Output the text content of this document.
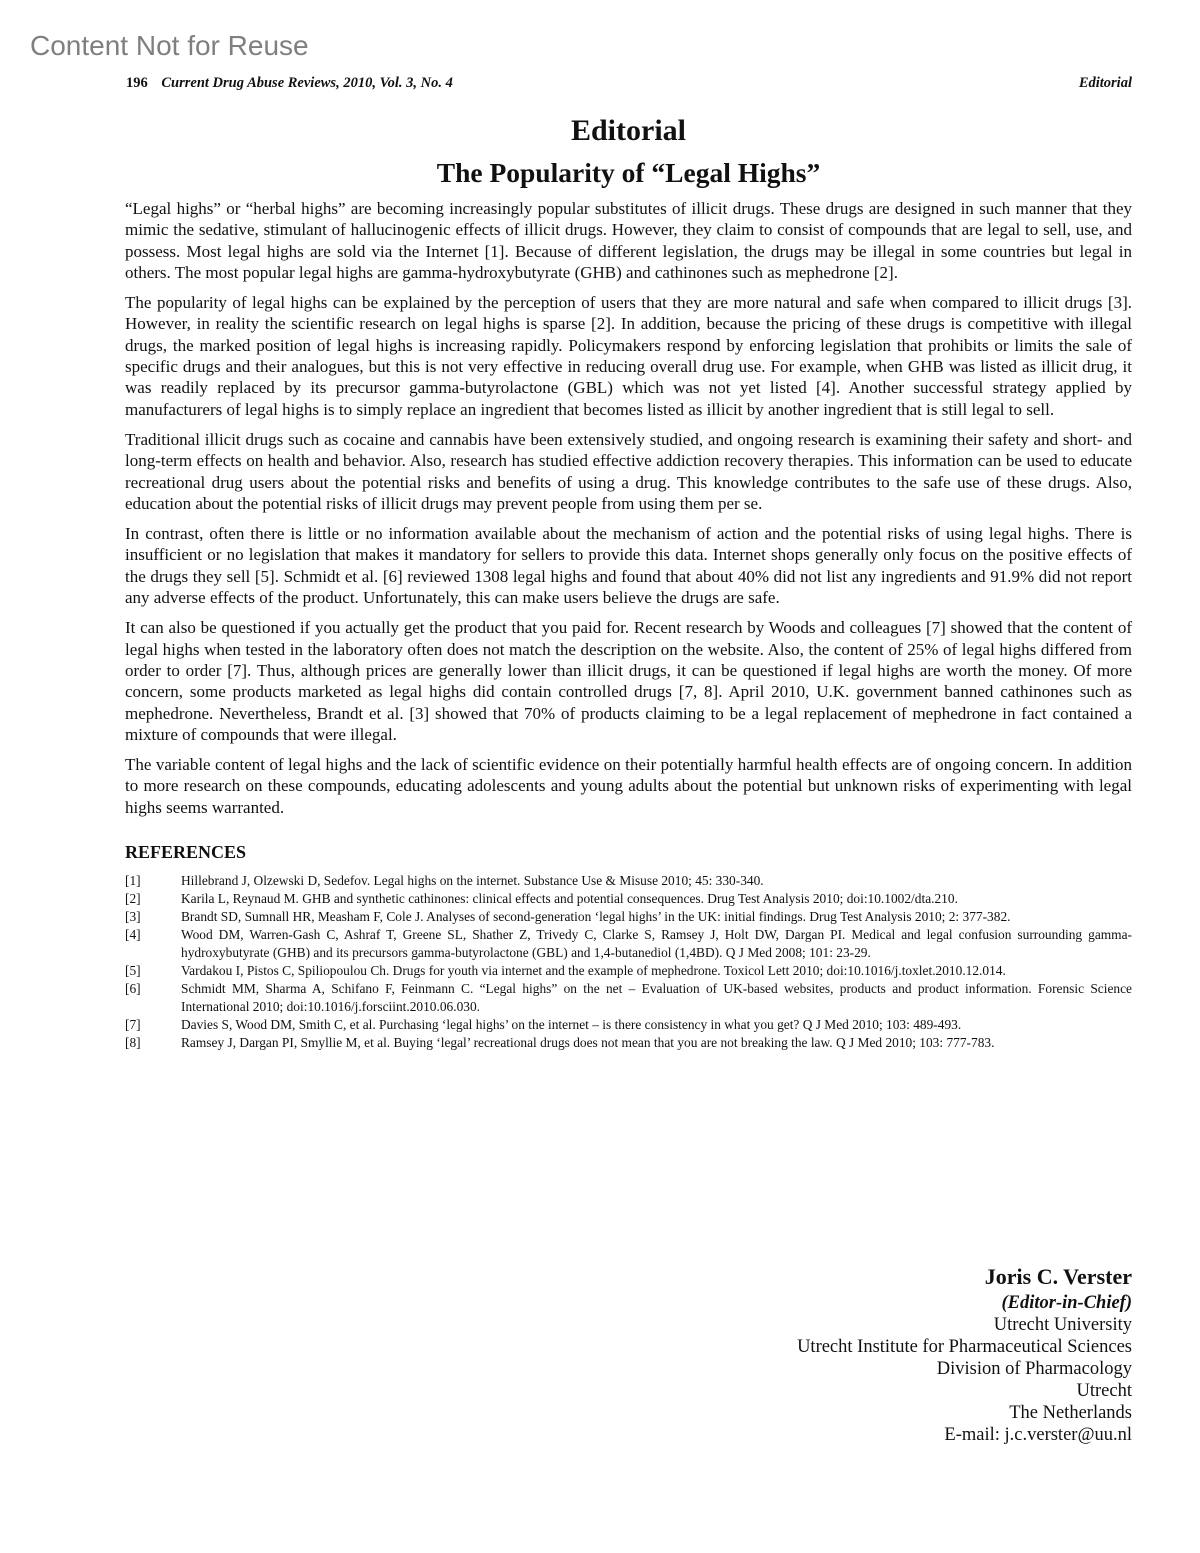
Content Not for Reuse
196 Current Drug Abuse Reviews, 2010, Vol. 3, No. 4	Editorial
Editorial
The Popularity of “Legal Highs”

“Legal highs” or “herbal highs” are becoming increasingly popular substitutes of illicit drugs. These drugs are designed in such manner that they mimic the sedative, stimulant of hallucinogenic effects of illicit drugs. However, they claim to consist of compounds that are legal to sell, use, and possess. Most legal highs are sold via the Internet [1]. Because of different legislation, the drugs may be illegal in some countries but legal in others. The most popular legal highs are gamma-hydroxybutyrate (GHB) and cathinones such as mephedrone [2].

The popularity of legal highs can be explained by the perception of users that they are more natural and safe when compared to illicit drugs [3]. However, in reality the scientific research on legal highs is sparse [2]. In addition, because the pricing of these drugs is competitive with illegal drugs, the marked position of legal highs is increasing rapidly. Policymakers respond by enforcing legislation that prohibits or limits the sale of specific drugs and their analogues, but this is not very effective in reducing overall drug use. For example, when GHB was listed as illicit drug, it was readily replaced by its precursor gamma-butyrolactone (GBL) which was not yet listed [4]. Another successful strategy applied by manufacturers of legal highs is to simply replace an ingredient that becomes listed as illicit by another ingredient that is still legal to sell.

Traditional illicit drugs such as cocaine and cannabis have been extensively studied, and ongoing research is examining their safety and short- and long-term effects on health and behavior. Also, research has studied effective addiction recovery therapies. This information can be used to educate recreational drug users about the potential risks and benefits of using a drug. This knowledge contributes to the safe use of these drugs. Also, education about the potential risks of illicit drugs may prevent people from using them per se.

In contrast, often there is little or no information available about the mechanism of action and the potential risks of using legal highs. There is insufficient or no legislation that makes it mandatory for sellers to provide this data. Internet shops generally only focus on the positive effects of the drugs they sell [5]. Schmidt et al. [6] reviewed 1308 legal highs and found that about 40% did not list any ingredients and 91.9% did not report any adverse effects of the product. Unfortunately, this can make users believe the drugs are safe.

It can also be questioned if you actually get the product that you paid for. Recent research by Woods and colleagues [7] showed that the content of legal highs when tested in the laboratory often does not match the description on the website. Also, the content of 25% of legal highs differed from order to order [7]. Thus, although prices are generally lower than illicit drugs, it can be questioned if legal highs are worth the money. Of more concern, some products marketed as legal highs did contain controlled drugs [7, 8]. April 2010, U.K. government banned cathinones such as mephedrone. Nevertheless, Brandt et al. [3] showed that 70% of products claiming to be a legal replacement of mephedrone in fact contained a mixture of compounds that were illegal.

The variable content of legal highs and the lack of scientific evidence on their potentially harmful health effects are of ongoing concern. In addition to more research on these compounds, educating adolescents and young adults about the potential but unknown risks of experimenting with legal highs seems warranted.

REFERENCES
[1]	Hillebrand J, Olzewski D, Sedefov. Legal highs on the internet. Substance Use & Misuse 2010; 45: 330-340.
[2]	Karila L, Reynaud M. GHB and synthetic cathinones: clinical effects and potential consequences. Drug Test Analysis 2010; doi:10.1002/dta.210.
[3]	Brandt SD, Sumnall HR, Measham F, Cole J. Analyses of second-generation ‘legal highs’ in the UK: initial findings. Drug Test Analysis 2010; 2: 377-382.
[4]	Wood DM, Warren-Gash C, Ashraf T, Greene SL, Shather Z, Trivedy C, Clarke S, Ramsey J, Holt DW, Dargan PI. Medical and legal confusion surrounding gamma-hydroxybutyrate (GHB) and its precursors gamma-butyrolactone (GBL) and 1,4-butanediol (1,4BD). Q J Med 2008; 101: 23-29.
[5]	Vardakou I, Pistos C, Spiliopoulou Ch. Drugs for youth via internet and the example of mephedrone. Toxicol Lett 2010; doi:10.1016/j.toxlet.2010.12.014.
[6]	Schmidt MM, Sharma A, Schifano F, Feinmann C. “Legal highs” on the net – Evaluation of UK-based websites, products and product information. Forensic Science International 2010; doi:10.1016/j.forsciint.2010.06.030.
[7]	Davies S, Wood DM, Smith C, et al. Purchasing ‘legal highs’ on the internet – is there consistency in what you get? Q J Med 2010; 103: 489-493.
[8]	Ramsey J, Dargan PI, Smyllie M, et al. Buying ‘legal’ recreational drugs does not mean that you are not breaking the law. Q J Med 2010; 103: 777-783.
Joris C. Verster
(Editor-in-Chief)
Utrecht University
Utrecht Institute for Pharmaceutical Sciences
Division of Pharmacology
Utrecht
The Netherlands
E-mail: j.c.verster@uu.nl
